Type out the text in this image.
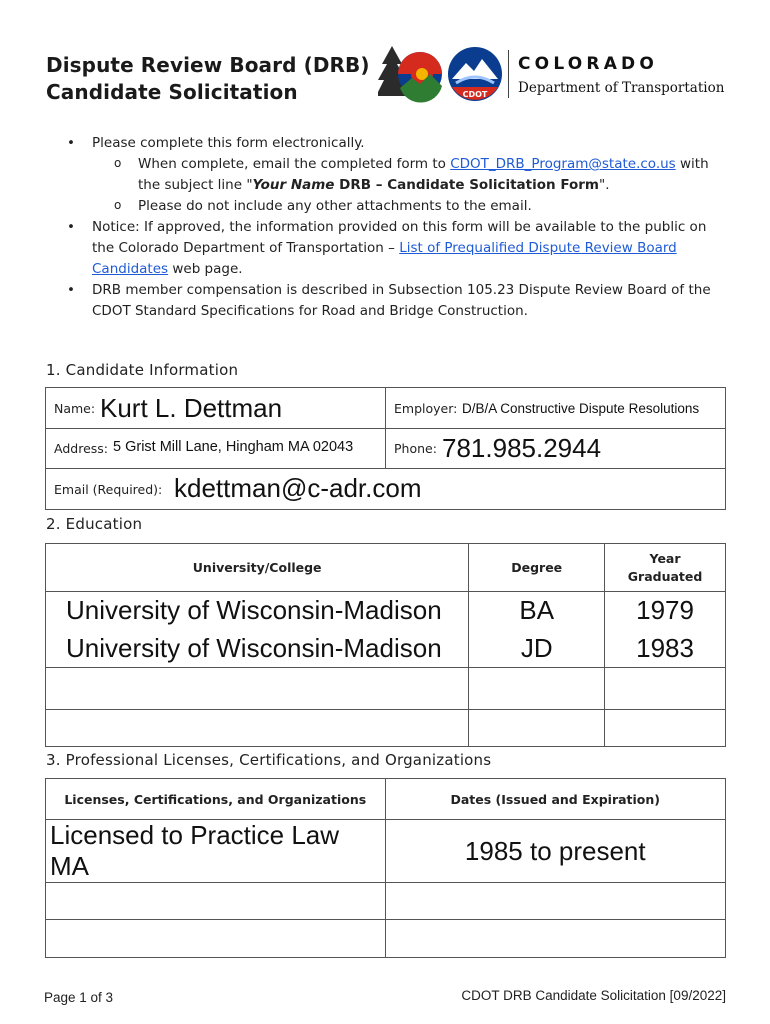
Dispute Review Board (DRB)
Candidate Solicitation	CDOT
COLORADO
Department of Transportation
• Please complete this form electronically.
o When complete, email the completed form to CDOT_DRB_Program@state.co.us with
the subject line "Your Name DRB – Candidate Solicitation Form".
o Please do not include any other attachments to the email.
• Notice: If approved, the information provided on this form will be available to the public on
the Colorado Department of Transportation – List of Prequalified Dispute Review Board
Candidates web page.
• DRB member compensation is described in Subsection 105.23 Dispute Review Board of the
CDOT Standard Specifications for Road and Bridge Construction.
1. Candidate Information
Name: Kurt L. Dettman	Employer: D/B/A Constructive Dispute Resolutions
Address: 5 Grist Mill Lane, Hingham MA 02043	Phone: 781.985.2944
Email (Required): kdettman@c-adr.com
2. Education
University/College	Degree	Year
Graduated
University of Wisconsin-Madison	BA	1979
University of Wisconsin-Madison	JD	1983

3. Professional Licenses, Certifications, and Organizations
Licenses, Certifications, and Organizations	Dates (Issued and Expiration)
Licensed to Practice Law MA	1985 to present

Page 1 of 3	CDOT DRB Candidate Solicitation [09/2022]
